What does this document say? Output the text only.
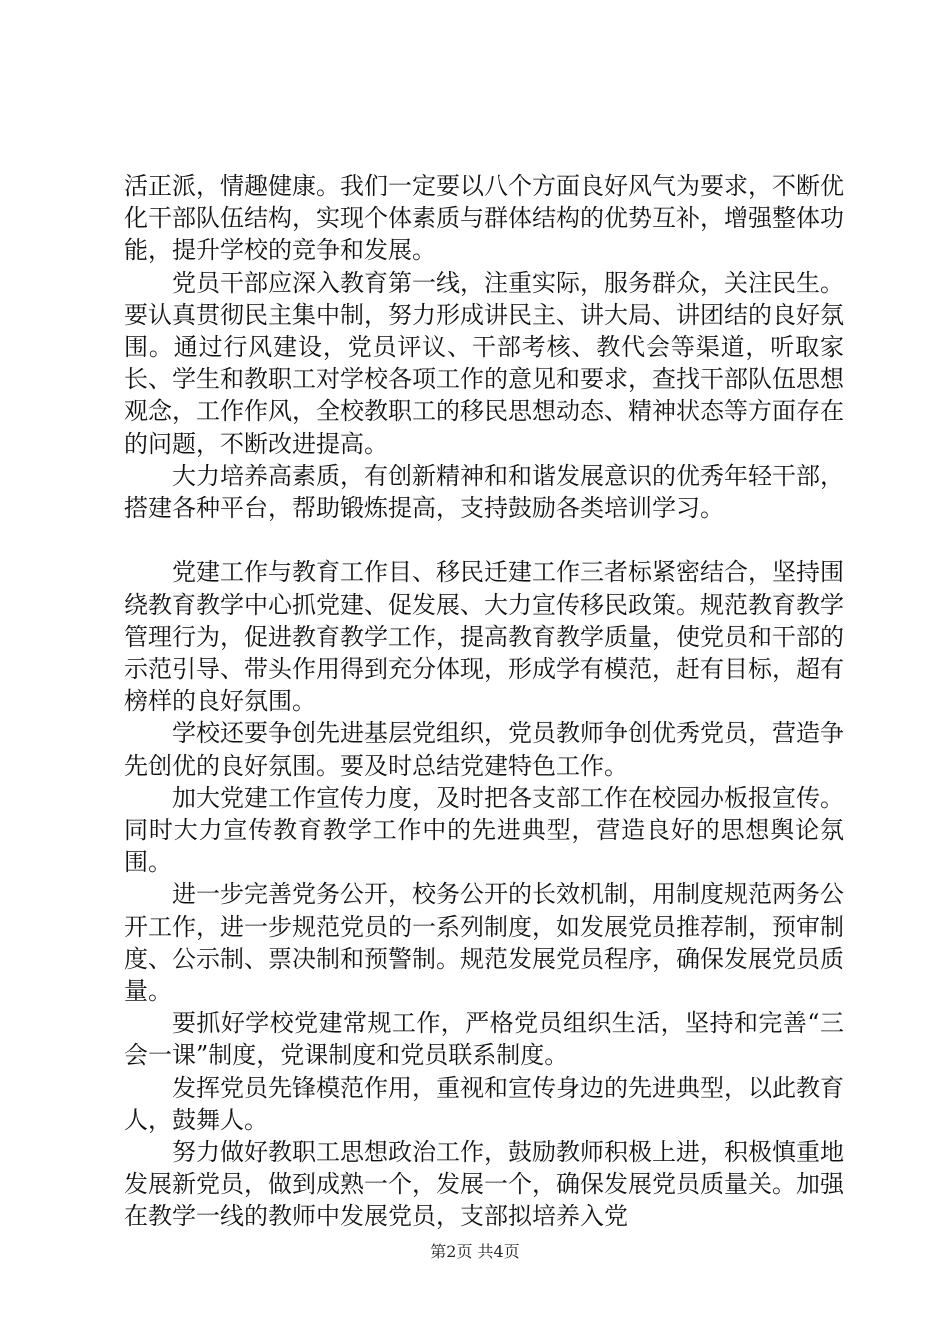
活正派，情趣健康。我们一定要以八个方面良好风气为要求，不断优化干部队伍结构，实现个体素质与群体结构的优势互补，增强整体功能，提升学校的竞争和发展。

党员干部应深入教育第一线，注重实际，服务群众，关注民生。要认真贯彻民主集中制，努力形成讲民主、讲大局、讲团结的良好氛围。通过行风建设，党员评议、干部考核、教代会等渠道，听取家长、学生和教职工对学校各项工作的意见和要求，查找干部队伍思想观念，工作作风，全校教职工的移民思想动态、精神状态等方面存在的问题，不断改进提高。

大力培养高素质，有创新精神和和谐发展意识的优秀年轻干部，搭建各种平台，帮助锻炼提高，支持鼓励各类培训学习。

党建工作与教育工作目、移民迁建工作三者标紧密结合，坚持围绕教育教学中心抓党建、促发展、大力宣传移民政策。规范教育教学管理行为，促进教育教学工作，提高教育教学质量，使党员和干部的示范引导、带头作用得到充分体现，形成学有模范，赶有目标，超有榜样的良好氛围。

学校还要争创先进基层党组织，党员教师争创优秀党员，营造争先创优的良好氛围。要及时总结党建特色工作。

加大党建工作宣传力度，及时把各支部工作在校园办板报宣传。同时大力宣传教育教学工作中的先进典型，营造良好的思想舆论氛围。

进一步完善党务公开，校务公开的长效机制，用制度规范两务公开工作，进一步规范党员的一系列制度，如发展党员推荐制，预审制度、公示制、票决制和预警制。规范发展党员程序，确保发展党员质量。

要抓好学校党建常规工作，严格党员组织生活，坚持和完善“三会一课”制度，党课制度和党员联系制度。

发挥党员先锋模范作用，重视和宣传身边的先进典型，以此教育人，鼓舞人。

努力做好教职工思想政治工作，鼓励教师积极上进，积极慎重地发展新党员，做到成熟一个，发展一个，确保发展党员质量关。加强在教学一线的教师中发展党员，支部拟培养入党

第2页 共4页
